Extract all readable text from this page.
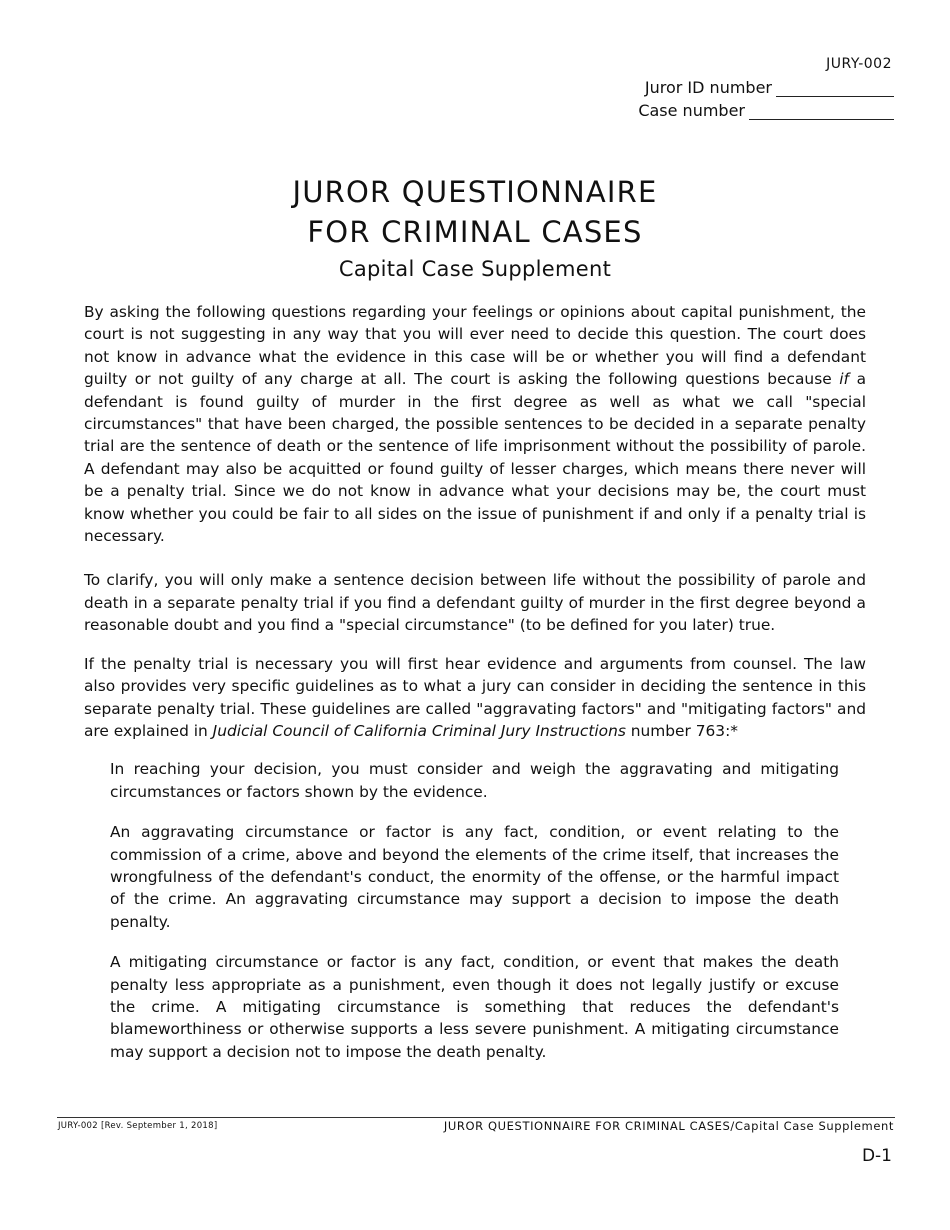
JURY-002
Juror ID number
Case number
JUROR QUESTIONNAIRE
FOR CRIMINAL CASES
Capital Case Supplement

By asking the following questions regarding your feelings or opinions about capital punishment, the court is not suggesting in any way that you will ever need to decide this question. The court does not know in advance what the evidence in this case will be or whether you will find a defendant guilty or not guilty of any charge at all. The court is asking the following questions because if a defendant is found guilty of murder in the first degree as well as what we call "special circumstances" that have been charged, the possible sentences to be decided in a separate penalty trial are the sentence of death or the sentence of life imprisonment without the possibility of parole. A defendant may also be acquitted or found guilty of lesser charges, which means there never will be a penalty trial. Since we do not know in advance what your decisions may be, the court must know whether you could be fair to all sides on the issue of punishment if and only if a penalty trial is necessary.

To clarify, you will only make a sentence decision between life without the possibility of parole and death in a separate penalty trial if you find a defendant guilty of murder in the first degree beyond a reasonable doubt and you find a "special circumstance" (to be defined for you later) true.

If the penalty trial is necessary you will first hear evidence and arguments from counsel. The law also provides very specific guidelines as to what a jury can consider in deciding the sentence in this separate penalty trial. These guidelines are called "aggravating factors" and "mitigating factors" and are explained in Judicial Council of California Criminal Jury Instructions number 763:*

In reaching your decision, you must consider and weigh the aggravating and mitigating circumstances or factors shown by the evidence.

An aggravating circumstance or factor is any fact, condition, or event relating to the commission of a crime, above and beyond the elements of the crime itself, that increases the wrongfulness of the defendant's conduct, the enormity of the offense, or the harmful impact of the crime. An aggravating circumstance may support a decision to impose the death penalty.

A mitigating circumstance or factor is any fact, condition, or event that makes the death penalty less appropriate as a punishment, even though it does not legally justify or excuse the crime. A mitigating circumstance is something that reduces the defendant's blameworthiness or otherwise supports a less severe punishment. A mitigating circumstance may support a decision not to impose the death penalty.

JURY-002 [Rev. September 1, 2018]	JUROR QUESTIONNAIRE FOR CRIMINAL CASES/Capital Case Supplement
D-1
